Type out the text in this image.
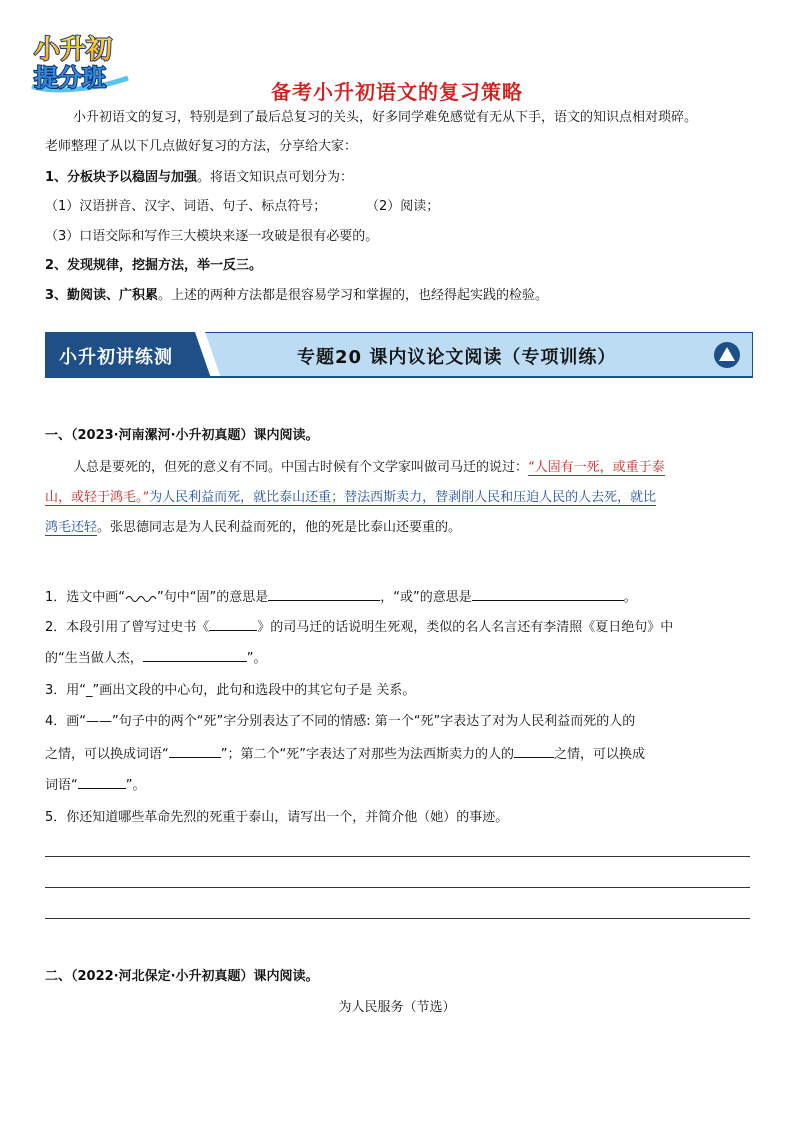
小升初
提分班	备考小升初语文的复习策略
小升初语文的复习，特别是到了最后总复习的关头，好多同学难免感觉有无从下手，语文的知识点相对琐碎。
老师整理了从以下几点做好复习的方法，分享给大家：
1、分板块予以稳固与加强。将语文知识点可划分为：
（1）汉语拼音、汉字、词语、句子、标点符号；	（2）阅读；
（3）口语交际和写作三大模块来逐一攻破是很有必要的。
2、发现规律，挖掘方法，举一反三。
3、勤阅读、广积累。上述的两种方法都是很容易学习和掌握的，也经得起实践的检验。
小升初讲练测	专题20 课内议论文阅读（专项训练）
一、（2023·河南漯河·小升初真题）课内阅读。
人总是要死的，但死的意义有不同。中国古时候有个文学家叫做司马迁的说过：“人固有一死，或重于泰
山，或轻于鸿毛。”为人民利益而死，就比泰山还重；替法西斯卖力，替剥削人民和压迫人民的人去死，就比
鸿毛还轻。张思德同志是为人民利益而死的，他的死是比泰山还要重的。
1．选文中画“ ”句中“固”的意思是	，“或”的意思是	。
2．本段引用了曾写过史书《	》的司马迁的话说明生死观，类似的名人名言还有李清照《夏日绝句》中
的“生当做人杰，	”。
3．用“_”画出文段的中心句，此句和选段中的其它句子是 关系。
4．画“——”句子中的两个“死”字分别表达了不同的情感: 第一个“死”字表达了对为人民利益而死的人的
之情，可以换成词语“	”；第二个“死”字表达了对那些为法西斯卖力的人的	之情，可以换成
词语“	”。
5．你还知道哪些革命先烈的死重于泰山，请写出一个，并简介他（她）的事迹。
二、（2022·河北保定·小升初真题）课内阅读。
为人民服务（节选）
